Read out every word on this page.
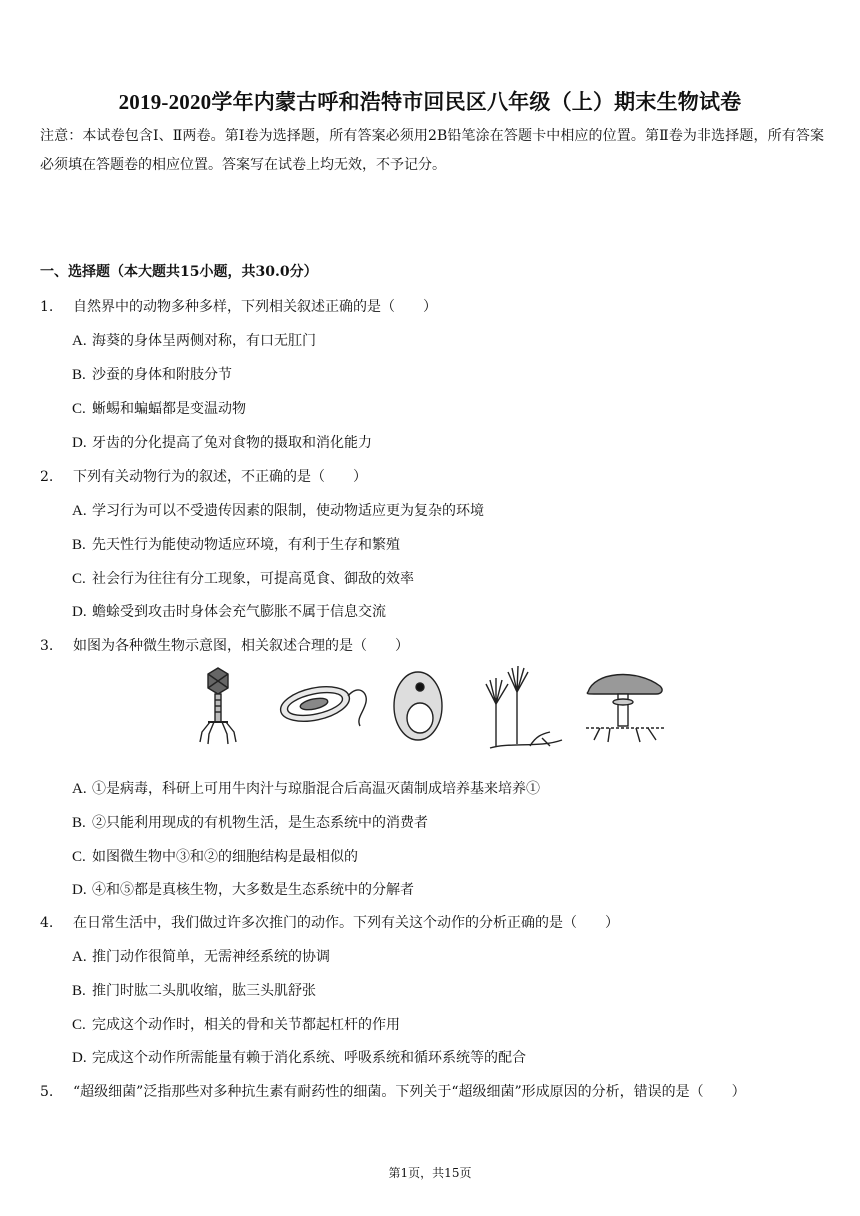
2019-2020学年内蒙古呼和浩特市回民区八年级（上）期末生物试卷
注意：本试卷包含Ⅰ、Ⅱ两卷。第Ⅰ卷为选择题，所有答案必须用2B铅笔涂在答题卡中相应的位置。第Ⅱ卷为非选择题，所有答案必须填在答题卷的相应位置。答案写在试卷上均无效，不予记分。
一、选择题（本大题共15小题，共30.0分）
1. 自然界中的动物多种多样，下列相关叙述正确的是（　　）
A. 海葵的身体呈两侧对称，有口无肛门
B. 沙蚕的身体和附肢分节
C. 蜥蜴和蝙蝠都是变温动物
D. 牙齿的分化提高了兔对食物的摄取和消化能力
2. 下列有关动物行为的叙述，不正确的是（　　）
A. 学习行为可以不受遗传因素的限制，使动物适应更为复杂的环境
B. 先天性行为能使动物适应环境，有利于生存和繁殖
C. 社会行为往往有分工现象，可提高觅食、御敌的效率
D. 蟾蜍受到攻击时身体会充气膨胀不属于信息交流
3. 如图为各种微生物示意图，相关叙述合理的是（　　）
A. ①是病毒，科研上可用牛肉汁与琼脂混合后高温灭菌制成培养基来培养①
B. ②只能利用现成的有机物生活，是生态系统中的消费者
C. 如图微生物中③和②的细胞结构是最相似的
D. ④和⑤都是真核生物，大多数是生态系统中的分解者
4. 在日常生活中，我们做过许多次推门的动作。下列有关这个动作的分析正确的是（　　）
A. 推门动作很简单，无需神经系统的协调
B. 推门时肱二头肌收缩，肱三头肌舒张
C. 完成这个动作时，相关的骨和关节都起杠杆的作用
D. 完成这个动作所需能量有赖于消化系统、呼吸系统和循环系统等的配合
5. “超级细菌”泛指那些对多种抗生素有耐药性的细菌。下列关于“超级细菌”形成原因的分析，错误的是（　　）
第1页，共15页
